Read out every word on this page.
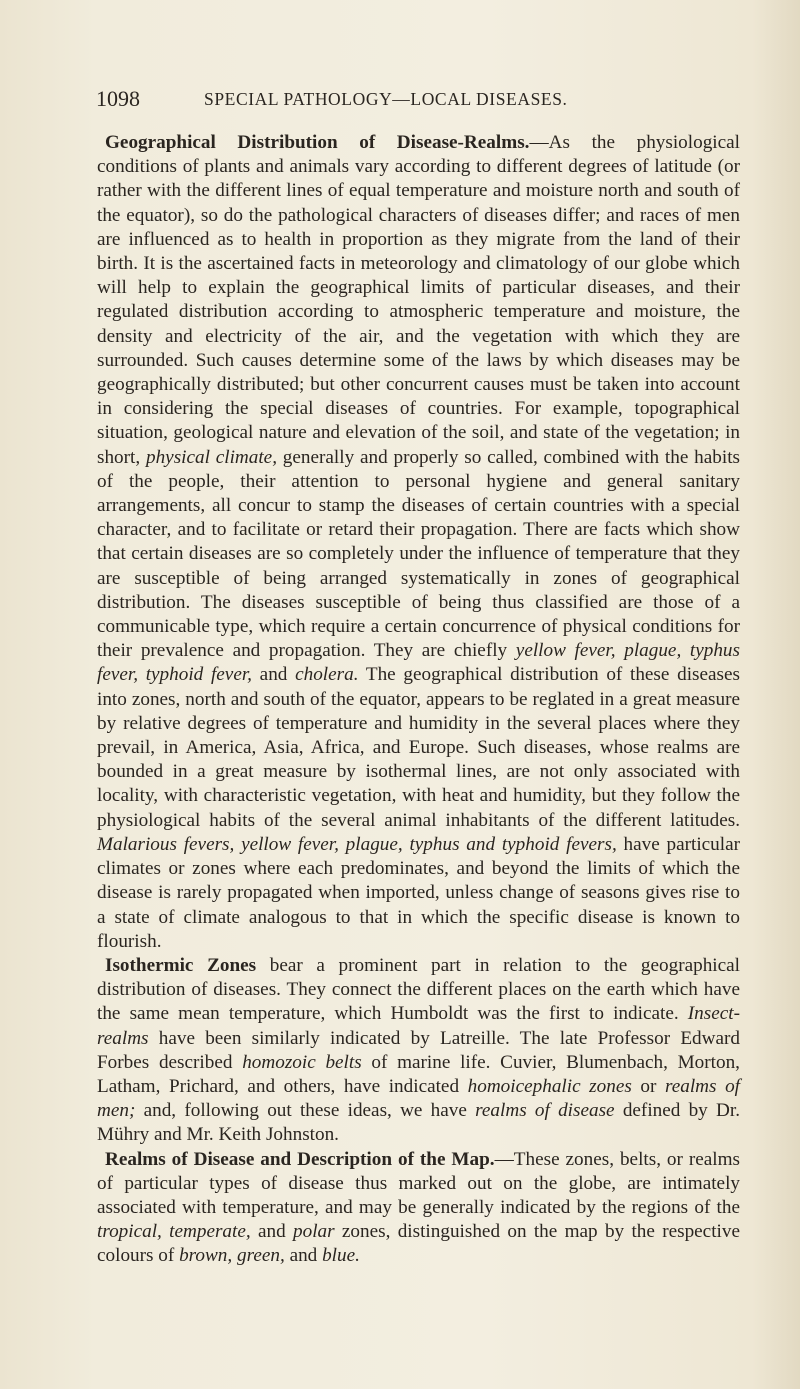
1098	SPECIAL PATHOLOGY—LOCAL DISEASES.

Geographical Distribution of Disease-Realms.—As the physiological conditions of plants and animals vary according to different degrees of latitude (or rather with the different lines of equal temperature and moisture north and south of the equator), so do the pathological characters of diseases differ; and races of men are influenced as to health in proportion as they migrate from the land of their birth. It is the ascertained facts in meteorology and climatology of our globe which will help to explain the geographical limits of particular diseases, and their regulated distribution according to atmospheric temperature and moisture, the density and electricity of the air, and the vegetation with which they are surrounded. Such causes determine some of the laws by which diseases may be geographically distributed; but other concurrent causes must be taken into account in considering the special diseases of countries. For example, topographical situation, geological nature and elevation of the soil, and state of the vegetation; in short, physical climate, generally and properly so called, combined with the habits of the people, their attention to personal hygiene and general sanitary arrangements, all concur to stamp the diseases of certain countries with a special character, and to facilitate or retard their propagation. There are facts which show that certain diseases are so completely under the influence of temperature that they are susceptible of being arranged systematically in zones of geographical distribution. The diseases susceptible of being thus classified are those of a communicable type, which require a certain concurrence of physical conditions for their prevalence and propagation. They are chiefly yellow fever, plague, typhus fever, typhoid fever, and cholera. The geographical distribution of these diseases into zones, north and south of the equator, appears to be reglated in a great measure by relative degrees of temperature and humidity in the several places where they prevail, in America, Asia, Africa, and Europe. Such diseases, whose realms are bounded in a great measure by isothermal lines, are not only associated with locality, with characteristic vegetation, with heat and humidity, but they follow the physiological habits of the several animal inhabitants of the different latitudes. Malarious fevers, yellow fever, plague, typhus and typhoid fevers, have particular climates or zones where each predominates, and beyond the limits of which the disease is rarely propagated when imported, unless change of seasons gives rise to a state of climate analogous to that in which the specific disease is known to flourish.

Isothermic Zones bear a prominent part in relation to the geographical distribution of diseases. They connect the different places on the earth which have the same mean temperature, which Humboldt was the first to indicate. Insect-realms have been similarly indicated by Latreille. The late Professor Edward Forbes described homozoic belts of marine life. Cuvier, Blumenbach, Morton, Latham, Prichard, and others, have indicated homoicephalic zones or realms of men; and, following out these ideas, we have realms of disease defined by Dr. Mühry and Mr. Keith Johnston.

Realms of Disease and Description of the Map.—These zones, belts, or realms of particular types of disease thus marked out on the globe, are intimately associated with temperature, and may be generally indicated by the regions of the tropical, temperate, and polar zones, distinguished on the map by the respective colours of brown, green, and blue.
